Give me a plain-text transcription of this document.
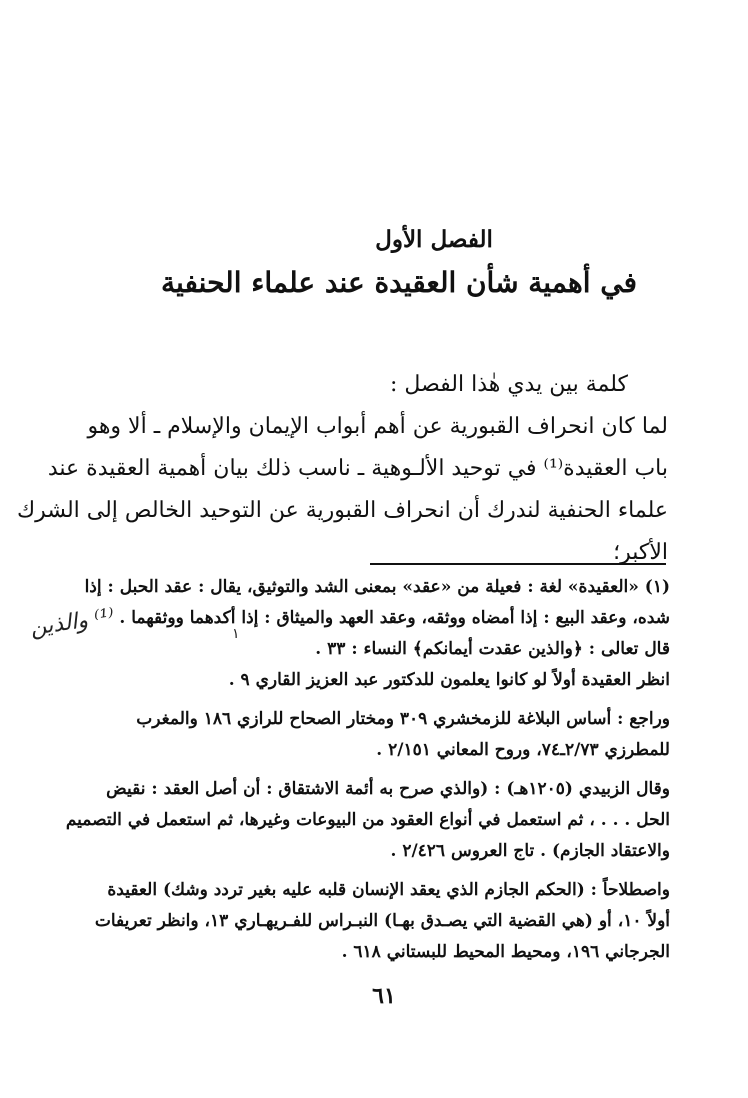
الفصل الأول
في أهمية شأن العقيدة عند علماء الحنفية
كلمة بين يدي هٰذا الفصل :
لما كان انحراف القبورية عن أهم أبواب الإيمان والإسلام ـ ألا وهو
باب العقيدة⁽¹⁾ في توحيد الألـوهية ـ ناسب ذلك بيان أهمية العقيدة عند
علماء الحنفية لندرك أن انحراف القبورية عن التوحيد الخالص إلى الشرك
الأكبر؛
(١) «العقيدة» لغة : فعيلة من «عقد» بمعنى الشد والتوثيق، يقال : عقد الحبل : إذا
شده، وعقد البيع : إذا أمضاه ووثقه، وعقد العهد والميثاق : إذا أكدهما ووثقهما .
قال تعالى : ﴿والذين عقدت أيمانكم﴾ النساء : ٣٣ .
انظر العقيدة أولاً لو كانوا يعلمون للدكتور عبد العزيز القاري ٩ .
وراجع : أساس البلاغة للزمخشري ٣٠٩ ومختار الصحاح للرازي ١٨٦ والمغرب
للمطرزي ٢/٧٣ـ٧٤، وروح المعاني ٢/١٥١ .
وقال الزبيدي (١٢٠٥هـ) : (والذي صرح به أئمة الاشتقاق : أن أصل العقد : نقيض
الحل . . . ، ثم استعمل في أنواع العقود من البيوعات وغيرها، ثم استعمل في التصميم
والاعتقاد الجازم) . تاج العروس ٢/٤٢٦ .
واصطلاحاً : (الحكم الجازم الذي يعقد الإنسان قلبه عليه بغير تردد وشك) العقيدة
أولاً ١٠، أو (هي القضية التي يصـدق بهـا) النبـراس للفـريهـاري ١٣، وانظر تعريفات
الجرجاني ١٩٦، ومحيط المحيط للبستاني ٦١٨ .
⁽¹⁾ والذين
١
٦١
